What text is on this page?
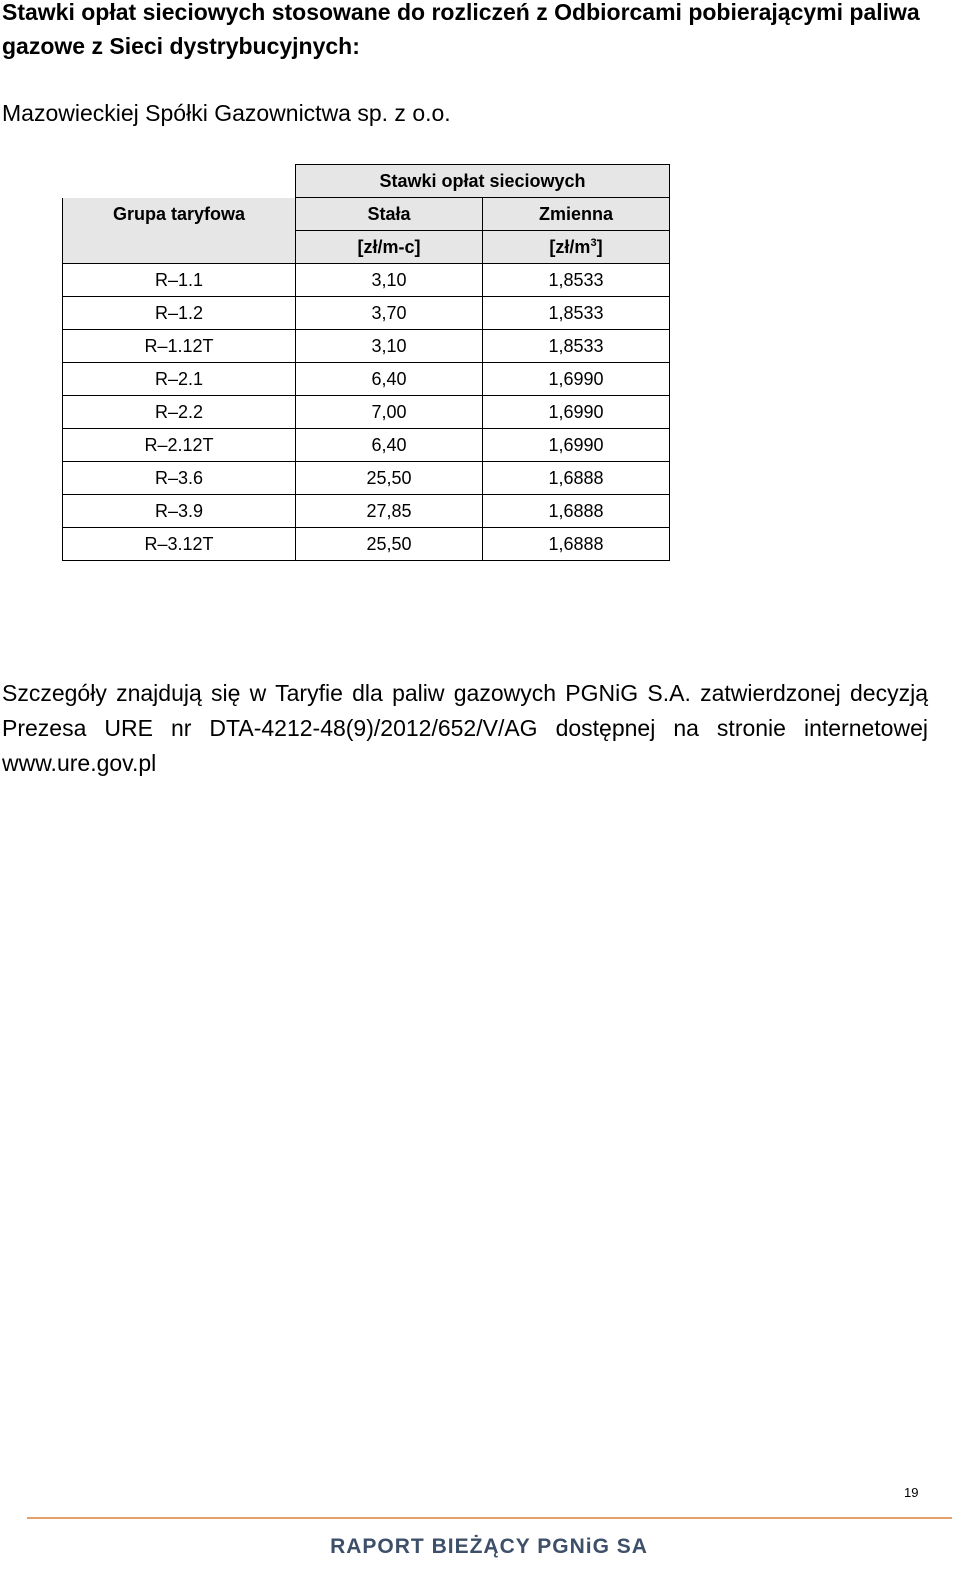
Stawki opłat sieciowych stosowane do rozliczeń z Odbiorcami pobierającymi paliwa gazowe z Sieci dystrybucyjnych:

Mazowieckiej Spółki Gazownictwa sp. z o.o.

	Stawki opłat sieciowych	
Grupa taryfowa	Stała	Zmienna
	[zł/m-c]	$[zł/m^3]$
R–1.1	3,10	1,8533
R–1.2	3,70	1,8533
R–1.12T	3,10	1,8533
R–2.1	6,40	1,6990
R–2.2	7,00	1,6990
R–2.12T	6,40	1,6990
R–3.6	25,50	1,6888
R–3.9	27,85	1,6888
R–3.12T	25,50	1,6888

Szczegóły znajdują się w Taryfie dla paliw gazowych PGNiG S.A. zatwierdzonej decyzją Prezesa URE nr DTA-4212-48(9)/2012/652/V/AG dostępnej na stronie internetowej www.ure.gov.pl

19
RAPORT BIEŻĄCY PGNiG SA
